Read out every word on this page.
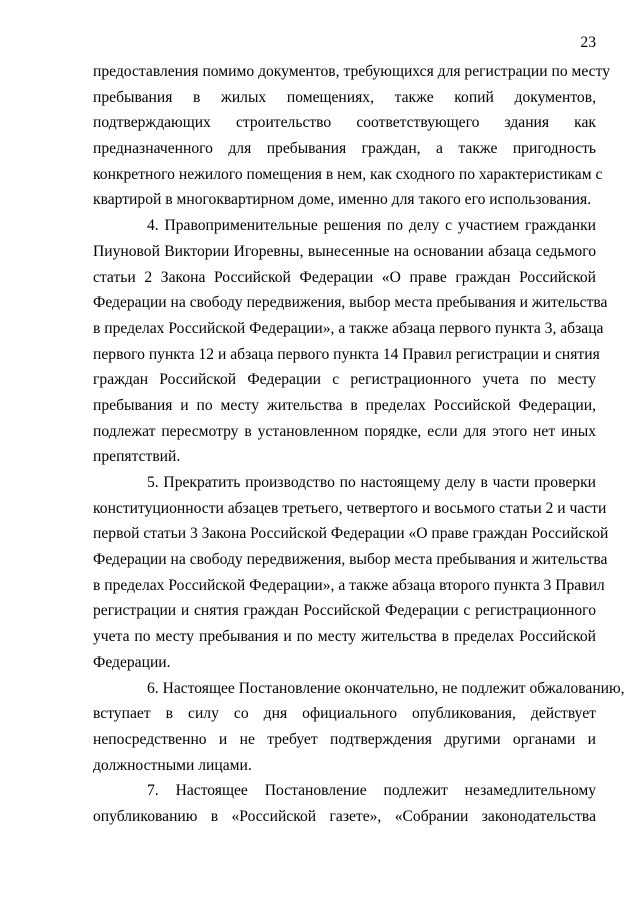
23
предоставления помимо документов, требующихся для регистрации по месту
пребывания в жилых помещениях, также копий документов,
подтверждающих строительство соответствующего здания как
предназначенного для пребывания граждан, а также пригодность
конкретного нежилого помещения в нем, как сходного по характеристикам с
квартирой в многоквартирном доме, именно для такого его использования.
4. Правоприменительные решения по делу с участием гражданки
Пиуновой Виктории Игоревны, вынесенные на основании абзаца седьмого
статьи 2 Закона Российской Федерации «О праве граждан Российской
Федерации на свободу передвижения, выбор места пребывания и жительства
в пределах Российской Федерации», а также абзаца первого пункта 3, абзаца
первого пункта 12 и абзаца первого пункта 14 Правил регистрации и снятия
граждан Российской Федерации с регистрационного учета по месту
пребывания и по месту жительства в пределах Российской Федерации,
подлежат пересмотру в установленном порядке, если для этого нет иных
препятствий.
5. Прекратить производство по настоящему делу в части проверки
конституционности абзацев третьего, четвертого и восьмого статьи 2 и части
первой статьи 3 Закона Российской Федерации «О праве граждан Российской
Федерации на свободу передвижения, выбор места пребывания и жительства
в пределах Российской Федерации», а также абзаца второго пункта 3 Правил
регистрации и снятия граждан Российской Федерации с регистрационного
учета по месту пребывания и по месту жительства в пределах Российской
Федерации.
6. Настоящее Постановление окончательно, не подлежит обжалованию,
вступает в силу со дня официального опубликования, действует
непосредственно и не требует подтверждения другими органами и
должностными лицами.
7. Настоящее Постановление подлежит незамедлительному
опубликованию в «Российской газете», «Собрании законодательства
